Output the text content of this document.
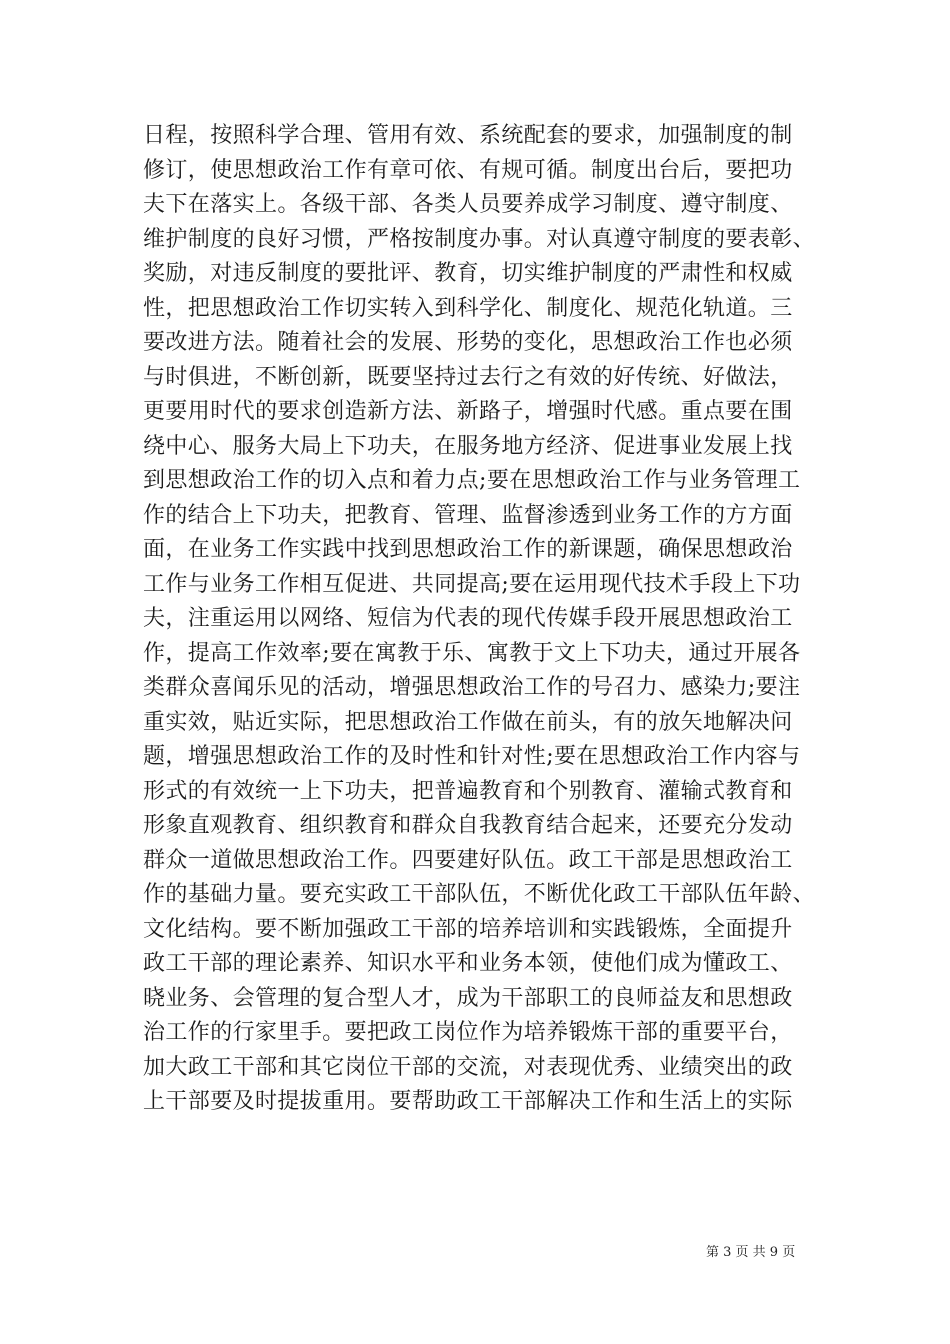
日程，按照科学合理、管用有效、系统配套的要求，加强制度的制
修订，使思想政治工作有章可依、有规可循。制度出台后，要把功
夫下在落实上。各级干部、各类人员要养成学习制度、遵守制度、
维护制度的良好习惯，严格按制度办事。对认真遵守制度的要表彰、
奖励，对违反制度的要批评、教育，切实维护制度的严肃性和权威
性，把思想政治工作切实转入到科学化、制度化、规范化轨道。三
要改进方法。随着社会的发展、形势的变化，思想政治工作也必须
与时俱进，不断创新，既要坚持过去行之有效的好传统、好做法，
更要用时代的要求创造新方法、新路子，增强时代感。重点要在围
绕中心、服务大局上下功夫，在服务地方经济、促进事业发展上找
到思想政治工作的切入点和着力点;要在思想政治工作与业务管理工
作的结合上下功夫，把教育、管理、监督渗透到业务工作的方方面
面，在业务工作实践中找到思想政治工作的新课题，确保思想政治
工作与业务工作相互促进、共同提高;要在运用现代技术手段上下功
夫，注重运用以网络、短信为代表的现代传媒手段开展思想政治工
作，提高工作效率;要在寓教于乐、寓教于文上下功夫，通过开展各
类群众喜闻乐见的活动，增强思想政治工作的号召力、感染力;要注
重实效，贴近实际，把思想政治工作做在前头，有的放矢地解决问
题，增强思想政治工作的及时性和针对性;要在思想政治工作内容与
形式的有效统一上下功夫，把普遍教育和个别教育、灌输式教育和
形象直观教育、组织教育和群众自我教育结合起来，还要充分发动
群众一道做思想政治工作。四要建好队伍。政工干部是思想政治工
作的基础力量。要充实政工干部队伍，不断优化政工干部队伍年龄、
文化结构。要不断加强政工干部的培养培训和实践锻炼，全面提升
政工干部的理论素养、知识水平和业务本领，使他们成为懂政工、
晓业务、会管理的复合型人才，成为干部职工的良师益友和思想政
治工作的行家里手。要把政工岗位作为培养锻炼干部的重要平台，
加大政工干部和其它岗位干部的交流，对表现优秀、业绩突出的政
上干部要及时提拔重用。要帮助政工干部解决工作和生活上的实际
第 3 页 共 9 页
